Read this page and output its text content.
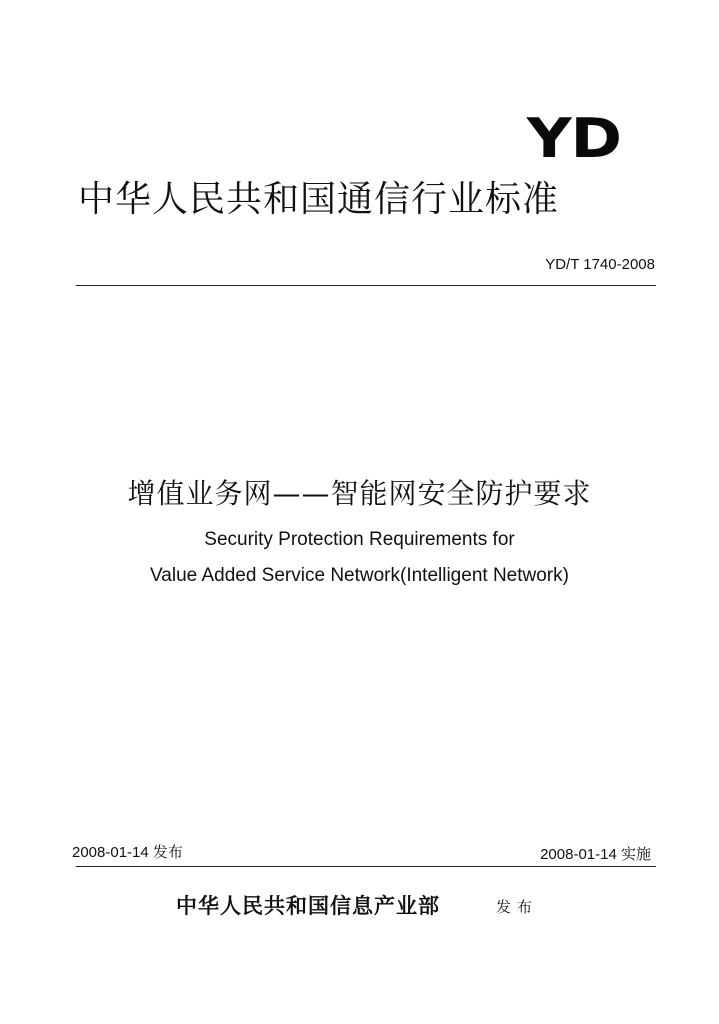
YD
中华人民共和国通信行业标准
YD/T 1740-2008
增值业务网——智能网安全防护要求
Security Protection Requirements for
Value Added Service Network(Intelligent Network)
2008-01-14 发布	2008-01-14 实施
中华人民共和国信息产业部	发布
